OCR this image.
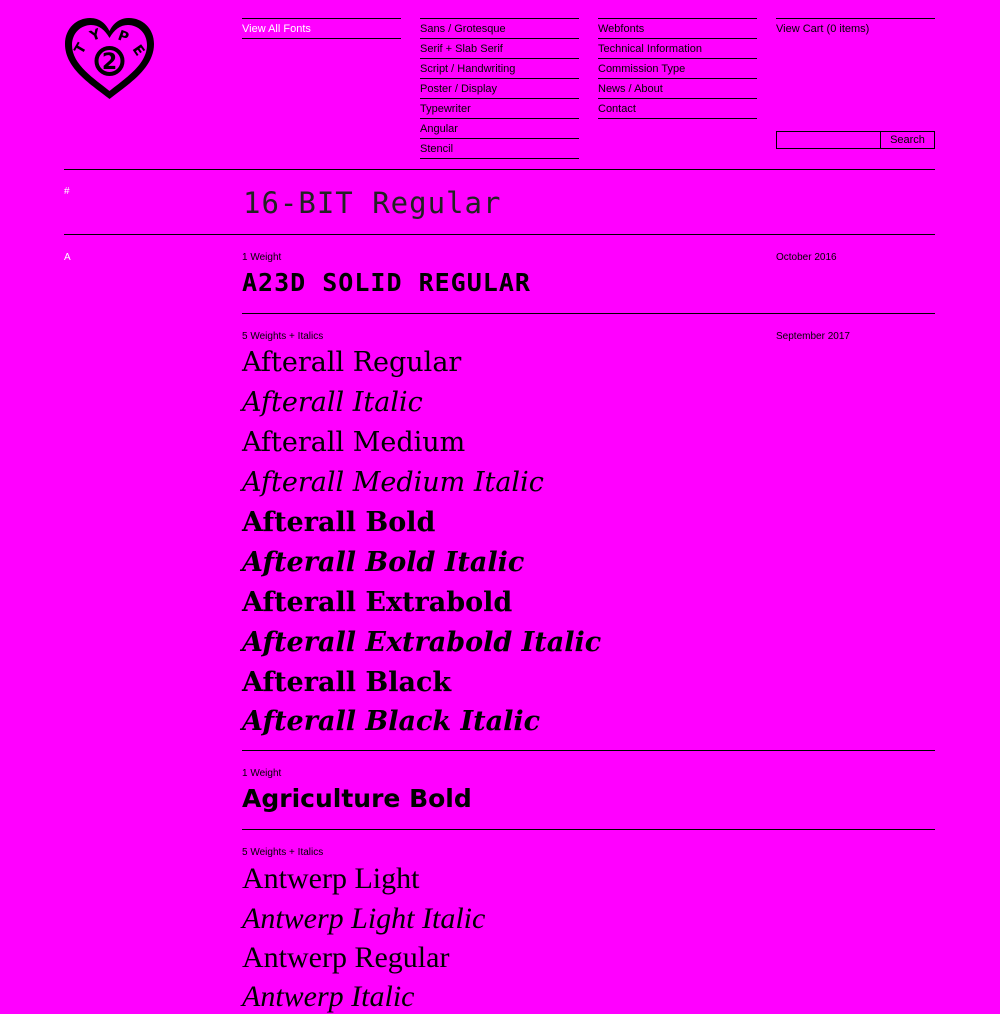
2
T
Y P
E
View All Fonts	Sans / Grotesque
Serif + Slab Serif
Script / Handwriting
Poster / Display
Typewriter
Angular
Stencil
Webfonts
Technical Information
Commission Type
News / About
Contact
View Cart (0 items)
Search
#	16-BIT Regular
A	1 Weight	October 2016
A23D SOLID REGULAR
5 Weights + Italics	September 2017
Afterall Regular
Afterall Italic
Afterall Medium
Afterall Medium Italic
Afterall Bold
Afterall Bold Italic
Afterall Extrabold
Afterall Extrabold Italic
Afterall Black
Afterall Black Italic
1 Weight
Agriculture Bold
5 Weights + Italics
Antwerp Light
Antwerp Light Italic
Antwerp Regular
Antwerp Italic
